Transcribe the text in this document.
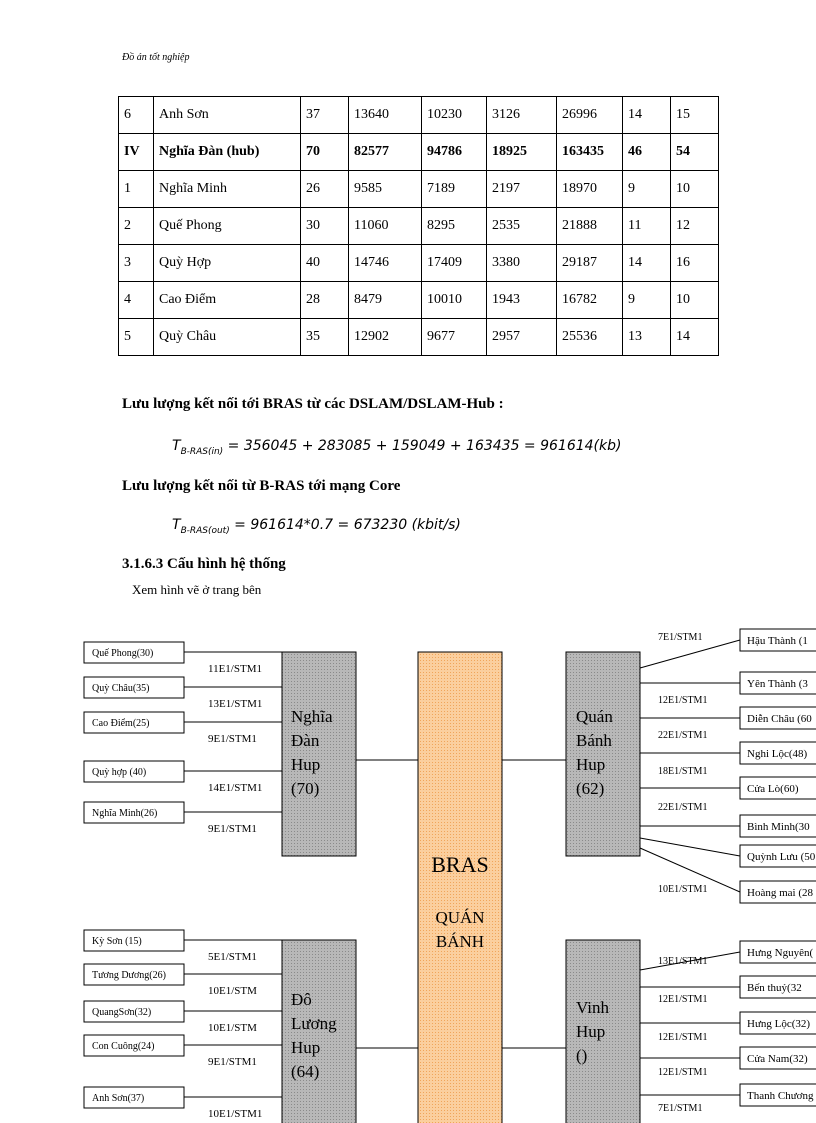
Đồ án tốt nghiệp
6	Anh Sơn	37	13640	10230	3126	26996	14	15
IV	Nghĩa Đàn (hub)	70	82577	94786	18925	163435	46	54
1	Nghĩa Minh	26	9585	7189	2197	18970	9	10
2	Quế Phong	30	11060	8295	2535	21888	11	12
3	Quỳ Hợp	40	14746	17409	3380	29187	14	16
4	Cao Điểm	28	8479	10010	1943	16782	9	10
5	Quỳ Châu	35	12902	9677	2957	25536	13	14
Lưu lượng kết nối tới BRAS từ các DSLAM/DSLAM-Hub :
$T_{B-RAS(in)} = 356045 + 283085 + 159049 + 163435 = 961614(kb)$
Lưu lượng kết nối từ B-RAS tới mạng Core
$T_{B-RAS(out)} = 961614*0.7 = 673230$ (kbit/s)
3.1.6.3 Cấu hình hệ thống
Xem hình vẽ ở trang bên
BRAS
QUÁN
BÁNH
Nghĩa
Đàn
Hup
(70)
Đô
Lương
Hup
(64)
Quán
Bánh
Hup
(62)
Vinh
Hup
()
Quế Phong(30)
11E1/STM1
Quỳ Châu(35)
13E1/STM1
Cao Điểm(25)
9E1/STM1
Quỳ hợp (40)
14E1/STM1
Nghĩa Minh(26)
9E1/STM1
Kỳ Sơn (15)
5E1/STM1
Tương Dương(26)
10E1/STM
QuangSơn(32)
10E1/STM
Con Cuông(24)
9E1/STM1
Anh Sơn(37)
10E1/STM1
Hậu Thành (1
7E1/STM1
Yên Thành (3
12E1/STM1
Diễn Châu (60
22E1/STM1
Nghi Lộc(48)
18E1/STM1
Cửa Lò(60)
22E1/STM1
Bình Minh(30
Quỳnh Lưu (50
Hoàng mai (28
10E1/STM1
Hưng Nguyên(
13E1/STM1
Bến thuỷ(32
12E1/STM1
Hưng Lộc(32)
12E1/STM1
Cửa Nam(32)
12E1/STM1
Thanh Chương
7E1/STM1
